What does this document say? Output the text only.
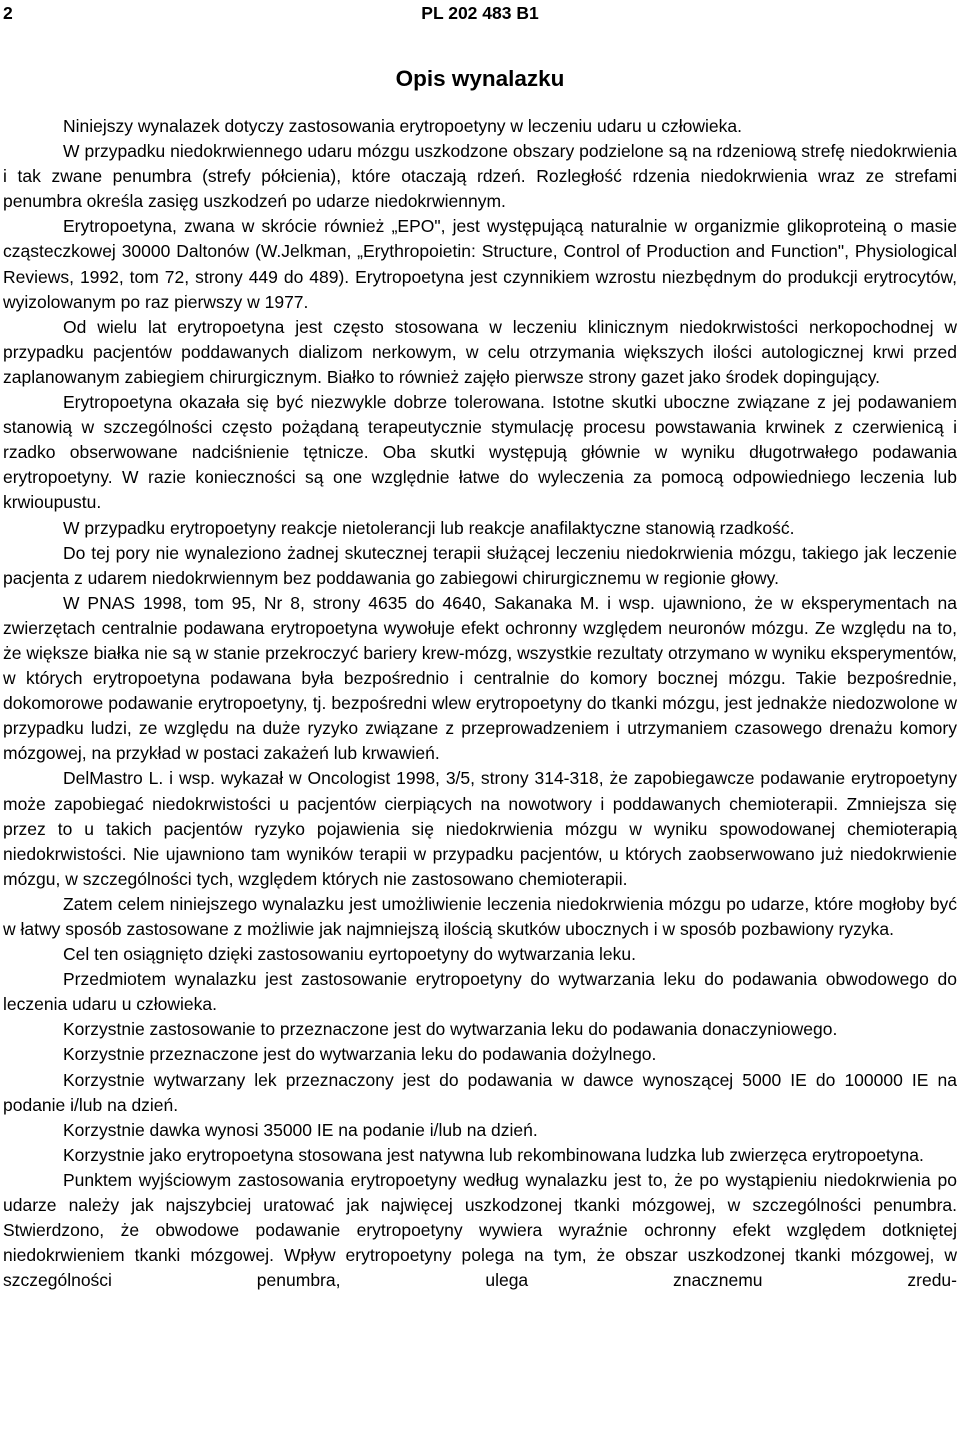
2	PL 202 483 B1
Opis wynalazku

Niniejszy wynalazek dotyczy zastosowania erytropoetyny w leczeniu udaru u człowieka.

W przypadku niedokrwiennego udaru mózgu uszkodzone obszary podzielone są na rdzeniową strefę niedokrwienia i tak zwane penumbra (strefy półcienia), które otaczają rdzeń. Rozległość rdzenia niedokrwienia wraz ze strefami penumbra określa zasięg uszkodzeń po udarze niedokrwiennym.

Erytropoetyna, zwana w skrócie również „EPO", jest występującą naturalnie w organizmie glikoproteiną o masie cząsteczkowej 30000 Daltonów (W.Jelkman, „Erythropoietin: Structure, Control of Production and Function", Physiological Reviews, 1992, tom 72, strony 449 do 489). Erytropoetyna jest czynnikiem wzrostu niezbędnym do produkcji erytrocytów, wyizolowanym po raz pierwszy w 1977.

Od wielu lat erytropoetyna jest często stosowana w leczeniu klinicznym niedokrwistości nerkopochodnej w przypadku pacjentów poddawanych dializom nerkowym, w celu otrzymania większych ilości autologicznej krwi przed zaplanowanym zabiegiem chirurgicznym. Białko to również zajęło pierwsze strony gazet jako środek dopingujący.

Erytropoetyna okazała się być niezwykle dobrze tolerowana. Istotne skutki uboczne związane z jej podawaniem stanowią w szczególności często pożądaną terapeutycznie stymulację procesu powstawania krwinek z czerwienicą i rzadko obserwowane nadciśnienie tętnicze. Oba skutki występują głównie w wyniku długotrwałego podawania erytropoetyny. W razie konieczności są one względnie łatwe do wyleczenia za pomocą odpowiedniego leczenia lub krwioupustu.

W przypadku erytropoetyny reakcje nietolerancji lub reakcje anafilaktyczne stanowią rzadkość.

Do tej pory nie wynaleziono żadnej skutecznej terapii służącej leczeniu niedokrwienia mózgu, takiego jak leczenie pacjenta z udarem niedokrwiennym bez poddawania go zabiegowi chirurgicznemu w regionie głowy.

W PNAS 1998, tom 95, Nr 8, strony 4635 do 4640, Sakanaka M. i wsp. ujawniono, że w eksperymentach na zwierzętach centralnie podawana erytropoetyna wywołuje efekt ochronny względem neuronów mózgu. Ze względu na to, że większe białka nie są w stanie przekroczyć bariery krew-mózg, wszystkie rezultaty otrzymano w wyniku eksperymentów, w których erytropoetyna podawana była bezpośrednio i centralnie do komory bocznej mózgu. Takie bezpośrednie, dokomorowe podawanie erytropoetyny, tj. bezpośredni wlew erytropoetyny do tkanki mózgu, jest jednakże niedozwolone w przypadku ludzi, ze względu na duże ryzyko związane z przeprowadzeniem i utrzymaniem czasowego drenażu komory mózgowej, na przykład w postaci zakażeń lub krwawień.

DelMastro L. i wsp. wykazał w Oncologist 1998, 3/5, strony 314-318, że zapobiegawcze podawanie erytropoetyny może zapobiegać niedokrwistości u pacjentów cierpiących na nowotwory i poddawanych chemioterapii. Zmniejsza się przez to u takich pacjentów ryzyko pojawienia się niedokrwienia mózgu w wyniku spowodowanej chemioterapią niedokrwistości. Nie ujawniono tam wyników terapii w przypadku pacjentów, u których zaobserwowano już niedokrwienie mózgu, w szczególności tych, względem których nie zastosowano chemioterapii.

Zatem celem niniejszego wynalazku jest umożliwienie leczenia niedokrwienia mózgu po udarze, które mogłoby być w łatwy sposób zastosowane z możliwie jak najmniejszą ilością skutków ubocznych i w sposób pozbawiony ryzyka.

Cel ten osiągnięto dzięki zastosowaniu eyrtopoetyny do wytwarzania leku.

Przedmiotem wynalazku jest zastosowanie erytropoetyny do wytwarzania leku do podawania obwodowego do leczenia udaru u człowieka.

Korzystnie zastosowanie to przeznaczone jest do wytwarzania leku do podawania donaczyniowego.

Korzystnie przeznaczone jest do wytwarzania leku do podawania dożylnego.

Korzystnie wytwarzany lek przeznaczony jest do podawania w dawce wynoszącej 5000 IE do 100000 IE na podanie i/lub na dzień.

Korzystnie dawka wynosi 35000 IE na podanie i/lub na dzień.

Korzystnie jako erytropoetyna stosowana jest natywna lub rekombinowana ludzka lub zwierzęca erytropoetyna.

Punktem wyjściowym zastosowania erytropoetyny według wynalazku jest to, że po wystąpieniu niedokrwienia po udarze należy jak najszybciej uratować jak najwięcej uszkodzonej tkanki mózgowej, w szczególności penumbra. Stwierdzono, że obwodowe podawanie erytropoetyny wywiera wyraźnie ochronny efekt względem dotkniętej niedokrwieniem tkanki mózgowej. Wpływ erytropoetyny polega na tym, że obszar uszkodzonej tkanki mózgowej, w szczególności penumbra, ulega znacznemu zredu-
